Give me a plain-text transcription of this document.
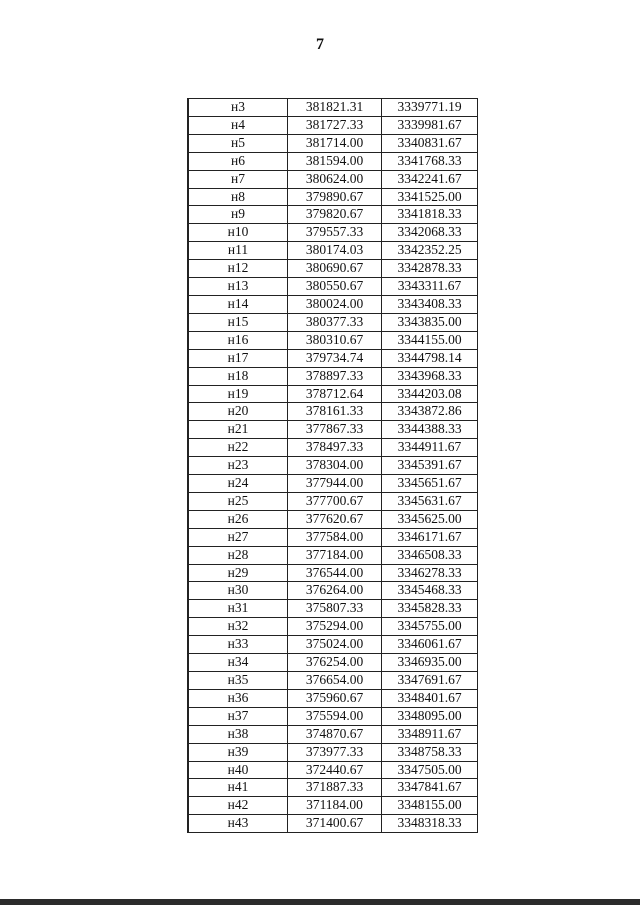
7
н3	381821.31	3339771.19
н4	381727.33	3339981.67
н5	381714.00	3340831.67
н6	381594.00	3341768.33
н7	380624.00	3342241.67
н8	379890.67	3341525.00
н9	379820.67	3341818.33
н10	379557.33	3342068.33
н11	380174.03	3342352.25
н12	380690.67	3342878.33
н13	380550.67	3343311.67
н14	380024.00	3343408.33
н15	380377.33	3343835.00
н16	380310.67	3344155.00
н17	379734.74	3344798.14
н18	378897.33	3343968.33
н19	378712.64	3344203.08
н20	378161.33	3343872.86
н21	377867.33	3344388.33
н22	378497.33	3344911.67
н23	378304.00	3345391.67
н24	377944.00	3345651.67
н25	377700.67	3345631.67
н26	377620.67	3345625.00
н27	377584.00	3346171.67
н28	377184.00	3346508.33
н29	376544.00	3346278.33
н30	376264.00	3345468.33
н31	375807.33	3345828.33
н32	375294.00	3345755.00
н33	375024.00	3346061.67
н34	376254.00	3346935.00
н35	376654.00	3347691.67
н36	375960.67	3348401.67
н37	375594.00	3348095.00
н38	374870.67	3348911.67
н39	373977.33	3348758.33
н40	372440.67	3347505.00
н41	371887.33	3347841.67
н42	371184.00	3348155.00
н43	371400.67	3348318.33
